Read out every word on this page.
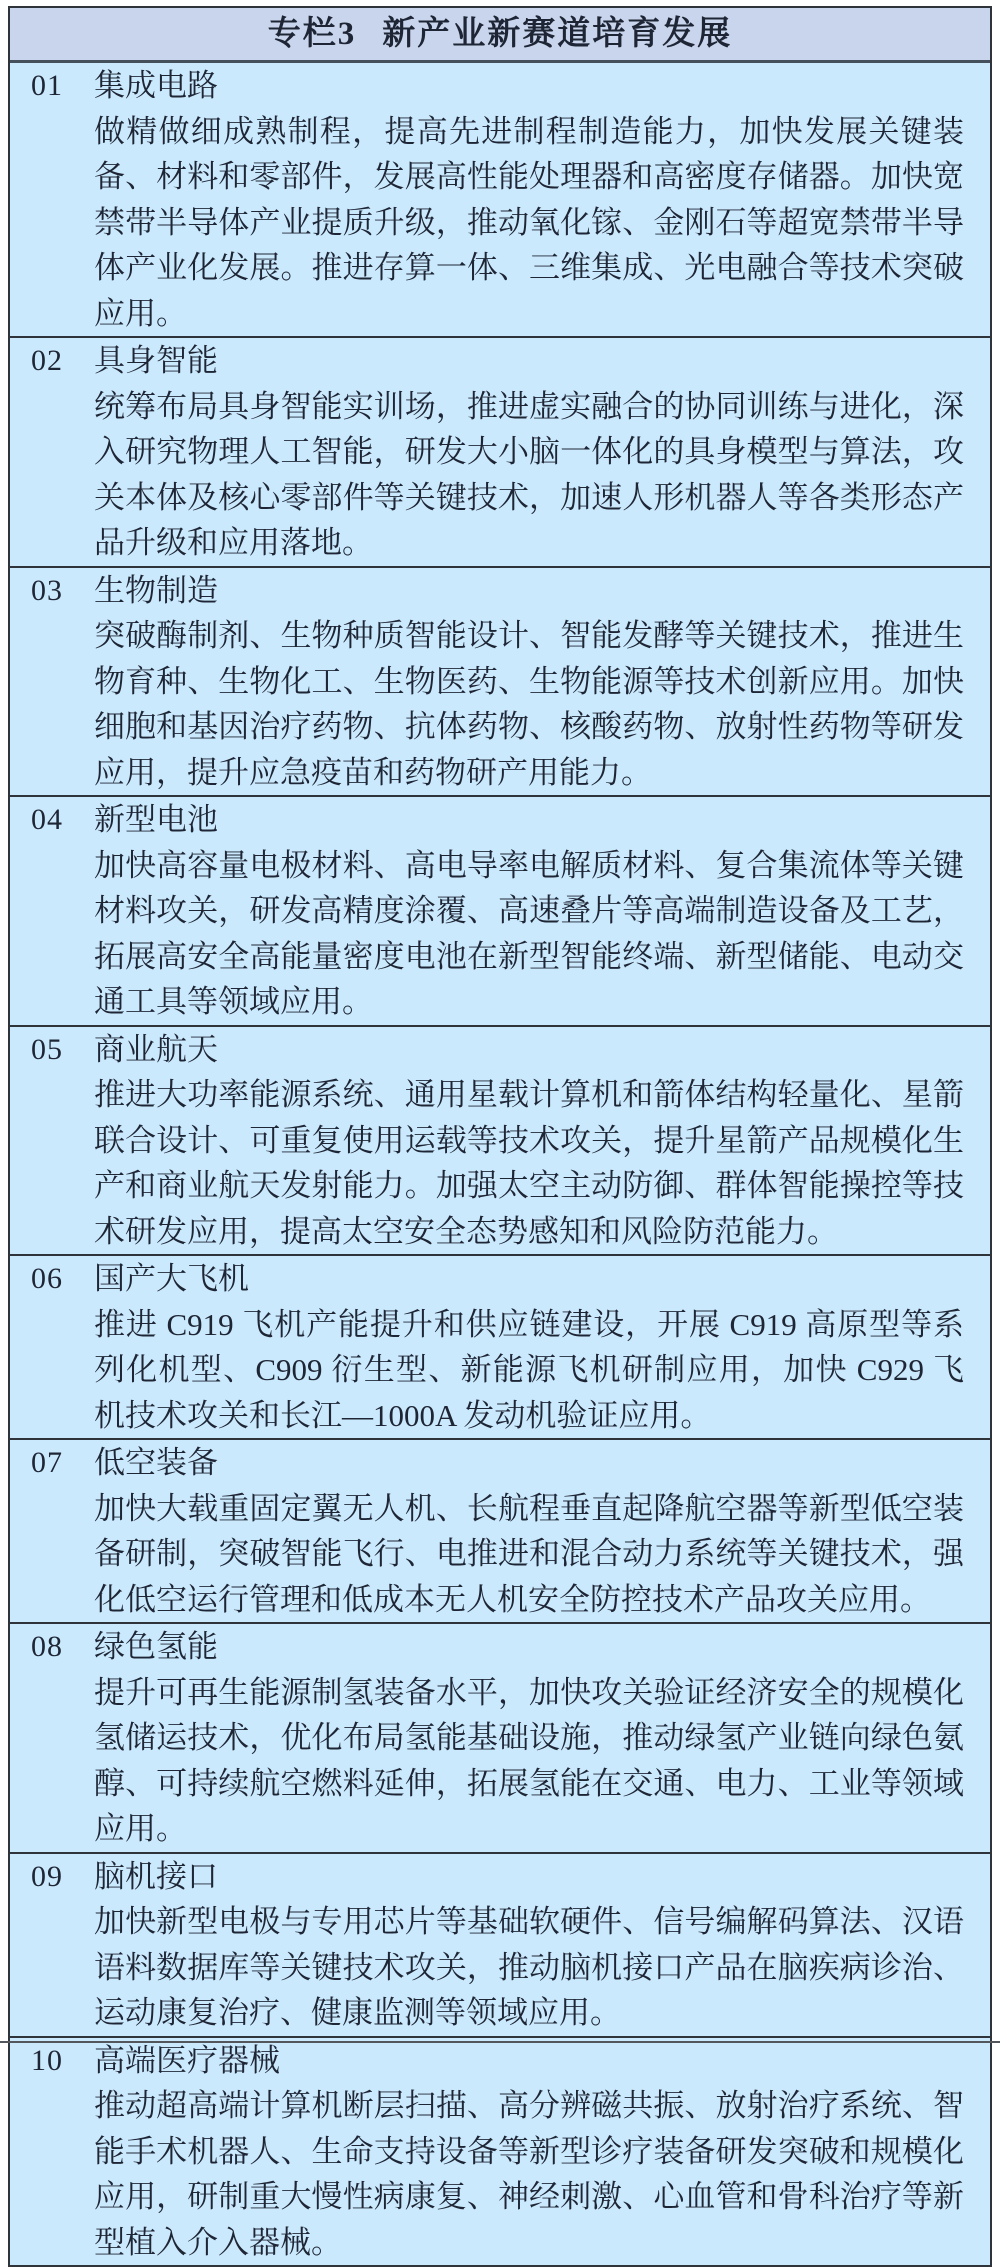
专栏3 新产业新赛道培育发展
01	集成电路
做精做细成熟制程，提高先进制程制造能力，加快发展关键装备、材料和零部件，发展高性能处理器和高密度存储器。加快宽禁带半导体产业提质升级，推动氧化镓、金刚石等超宽禁带半导体产业化发展。推进存算一体、三维集成、光电融合等技术突破应用。
02	具身智能
统筹布局具身智能实训场，推进虚实融合的协同训练与进化，深入研究物理人工智能，研发大小脑一体化的具身模型与算法，攻关本体及核心零部件等关键技术，加速人形机器人等各类形态产品升级和应用落地。
03	生物制造
突破酶制剂、生物种质智能设计、智能发酵等关键技术，推进生物育种、生物化工、生物医药、生物能源等技术创新应用。加快细胞和基因治疗药物、抗体药物、核酸药物、放射性药物等研发应用，提升应急疫苗和药物研产用能力。
04	新型电池
加快高容量电极材料、高电导率电解质材料、复合集流体等关键材料攻关，研发高精度涂覆、高速叠片等高端制造设备及工艺，拓展高安全高能量密度电池在新型智能终端、新型储能、电动交通工具等领域应用。
05	商业航天
推进大功率能源系统、通用星载计算机和箭体结构轻量化、星箭联合设计、可重复使用运载等技术攻关，提升星箭产品规模化生产和商业航天发射能力。加强太空主动防御、群体智能操控等技术研发应用，提高太空安全态势感知和风险防范能力。
06	国产大飞机
推进 C919 飞机产能提升和供应链建设，开展 C919 高原型等系列化机型、C909 衍生型、新能源飞机研制应用，加快 C929 飞机技术攻关和长江—1000A 发动机验证应用。
07	低空装备
加快大载重固定翼无人机、长航程垂直起降航空器等新型低空装备研制，突破智能飞行、电推进和混合动力系统等关键技术，强化低空运行管理和低成本无人机安全防控技术产品攻关应用。
08	绿色氢能
提升可再生能源制氢装备水平，加快攻关验证经济安全的规模化氢储运技术，优化布局氢能基础设施，推动绿氢产业链向绿色氨醇、可持续航空燃料延伸，拓展氢能在交通、电力、工业等领域应用。
09	脑机接口
加快新型电极与专用芯片等基础软硬件、信号编解码算法、汉语语料数据库等关键技术攻关，推动脑机接口产品在脑疾病诊治、运动康复治疗、健康监测等领域应用。
10	高端医疗器械
推动超高端计算机断层扫描、高分辨磁共振、放射治疗系统、智能手术机器人、生命支持设备等新型诊疗装备研发突破和规模化应用，研制重大慢性病康复、神经刺激、心血管和骨科治疗等新型植入介入器械。
